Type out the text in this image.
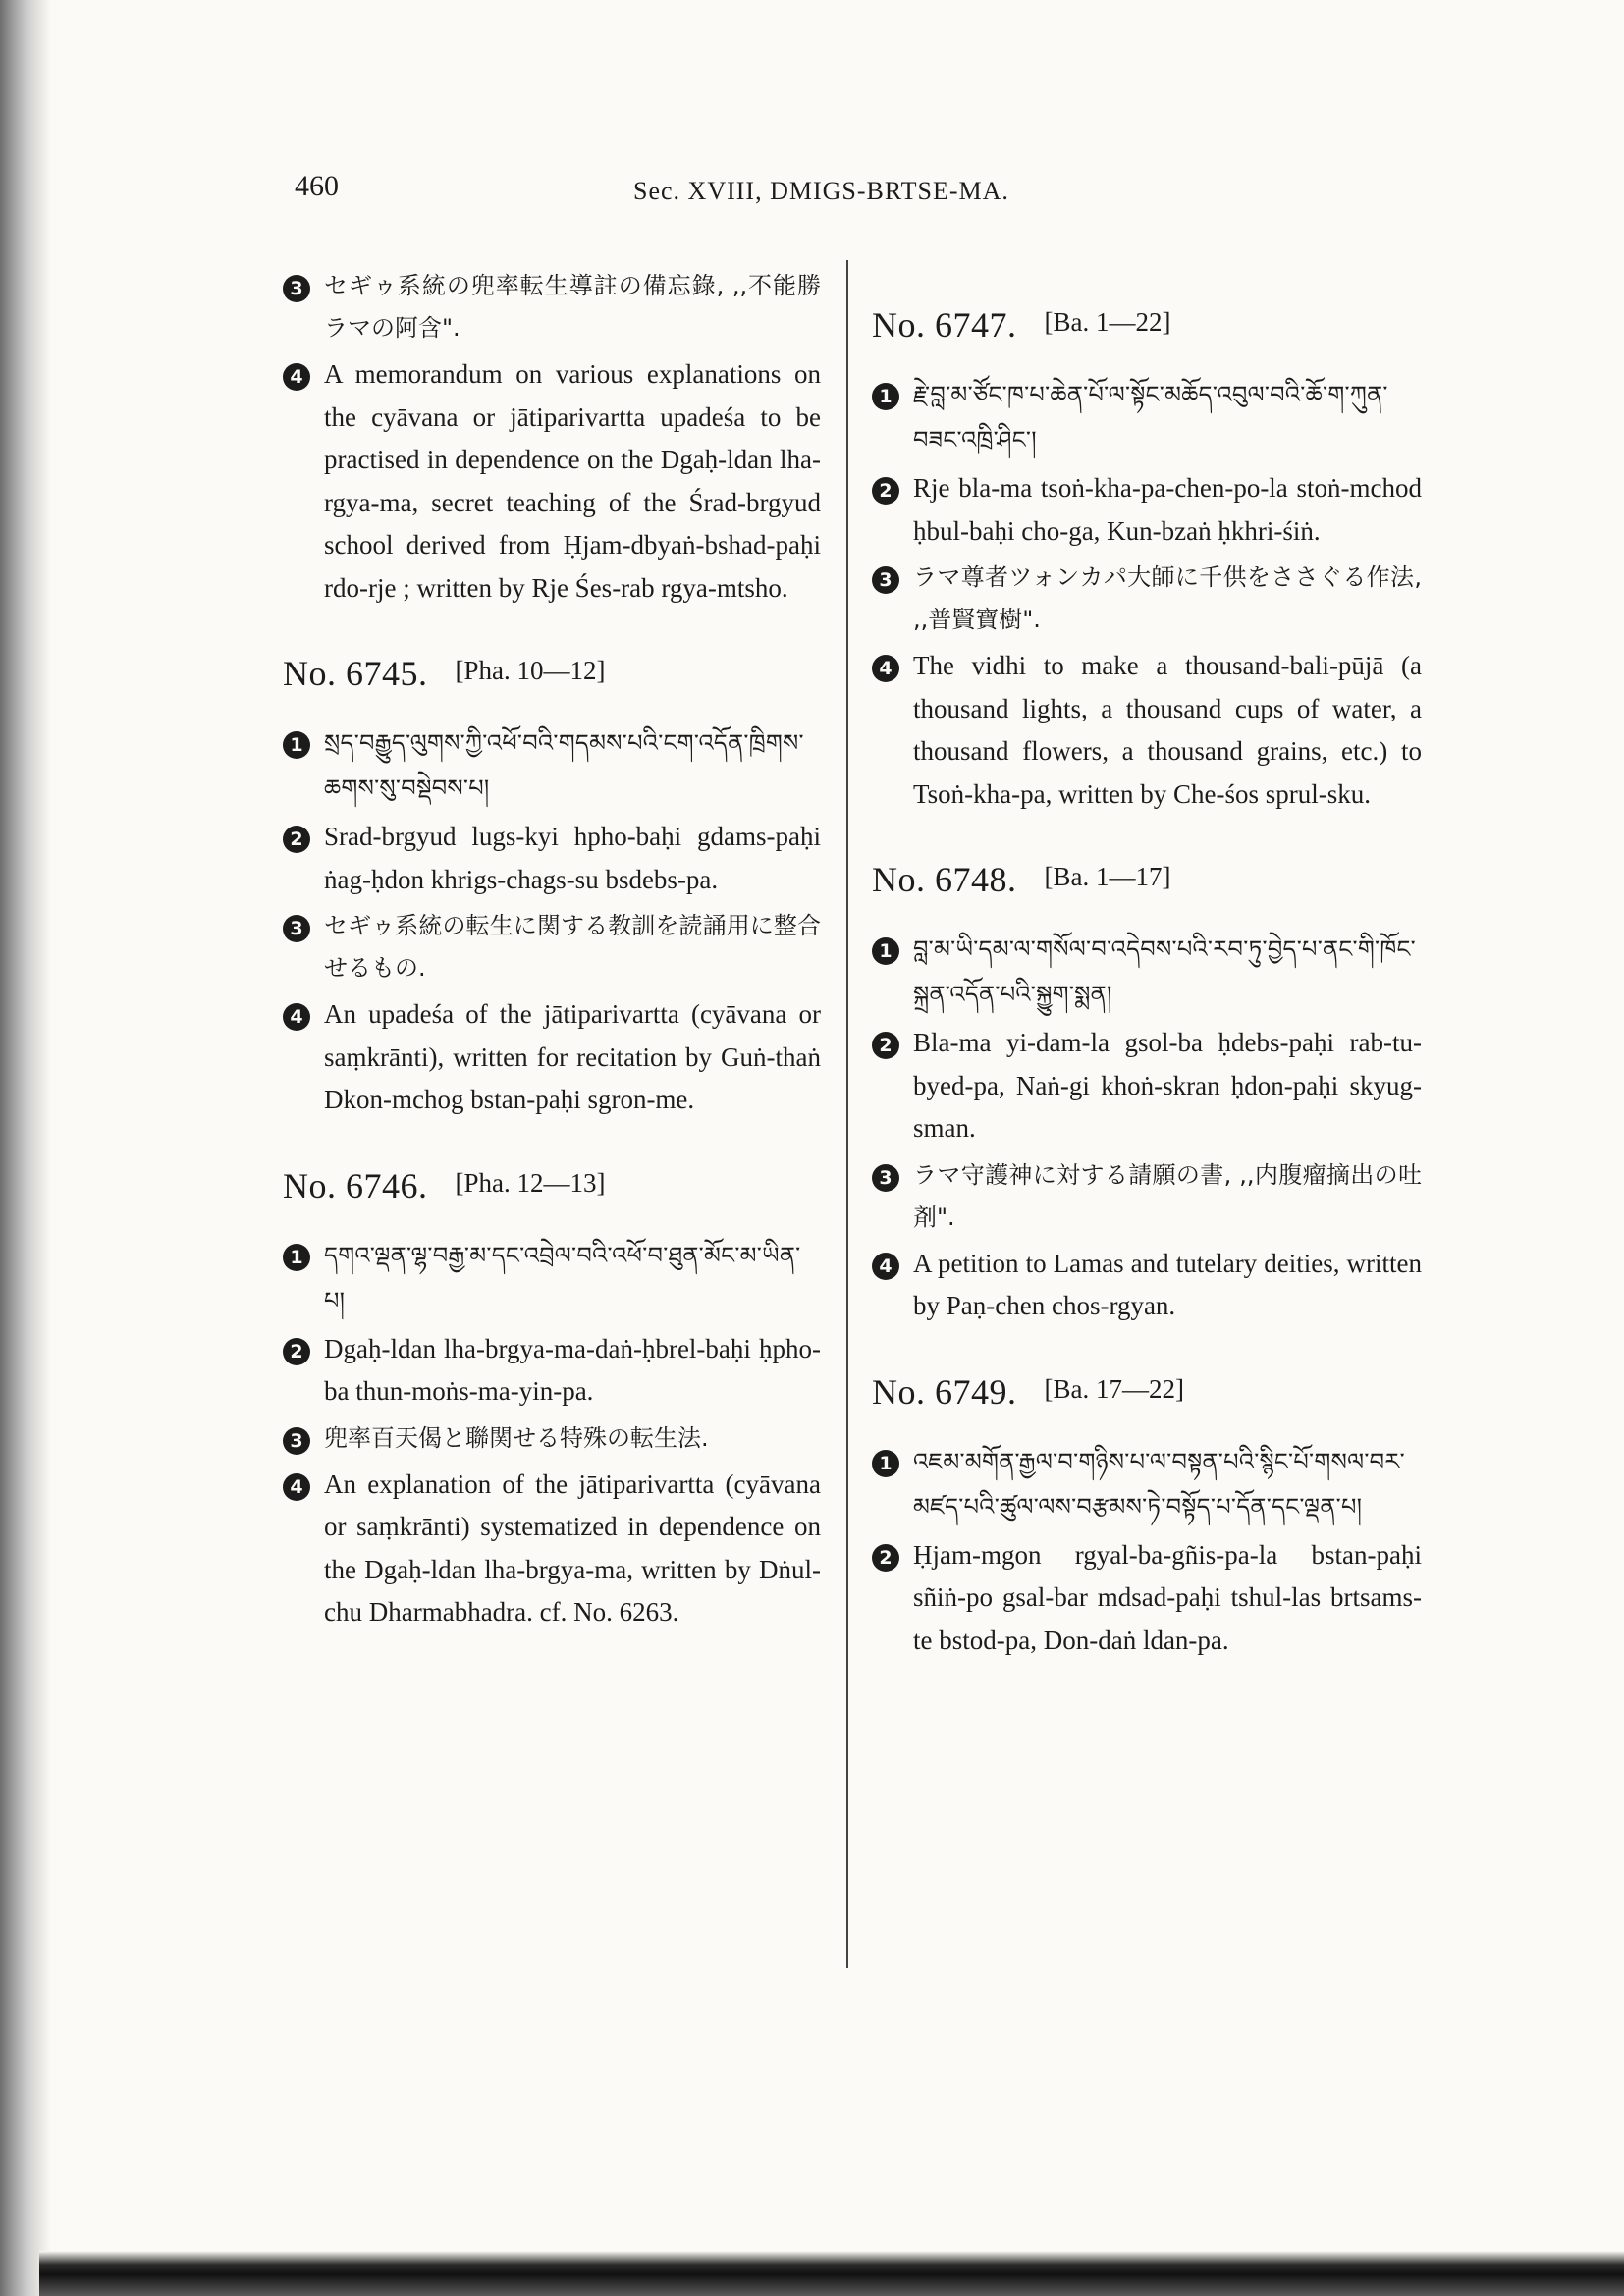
460	Sec. XVIII, DMIGS-BRTSE-MA.
3 セギゥ系統の兜率転生導註の備忘錄, ,,不能勝ラマの阿含".
4 A memorandum on various explanations on the cyāvana or jātiparivartta upadeśa to be practised in dependence on the Dgaḥ-ldan lha-rgya-ma, secret teaching of the Śrad-brgyud school derived from Ḥjam-dbyaṅ-bshad-paḥi rdo-rje ; written by Rje Śes-rab rgya-mtsho.
No. 6745. [Pha. 10—12]
1 སྲད་བརྒྱུད་ལུགས་ཀྱི་འཕོ་བའི་གདམས་པའི་ངག་འདོན་ཁྲིགས་ཆགས་སུ་བསྡེབས་པ།
2 Srad-brgyud lugs-kyi hpho-baḥi gdams-paḥi ṅag-ḥdon khrigs-chags-su bsdebs-pa.
3 セギゥ系統の転生に関する教訓を読誦用に整合せるもの.
4 An upadeśa of the jātiparivartta (cyāvana or saṃkrānti), written for recitation by Guṅ-thaṅ Dkon-mchog bstan-paḥi sgron-me.
No. 6746. [Pha. 12—13]
1 དགའ་ལྡན་ལྷ་བརྒྱ་མ་དང་འབྲེལ་བའི་འཕོ་བ་ཐུན་མོང་མ་ཡིན་པ།
2 Dgaḥ-ldan lha-brgya-ma-daṅ-ḥbrel-baḥi ḥpho-ba thun-moṅs-ma-yin-pa.
3 兜率百天偈と聯関せる特殊の転生法.
4 An explanation of the jātiparivartta (cyāvana or saṃkrānti) systematized in dependence on the Dgaḥ-ldan lha-brgya-ma, written by Dṅul-chu Dharmabhadra. cf. No. 6263.
No. 6747. [Ba. 1—22]
1 རྗེ་བླ་མ་ཙོང་ཁ་པ་ཆེན་པོ་ལ་སྟོང་མཆོད་འབུལ་བའི་ཆོ་ག་ཀུན་བཟང་འཁྲི་ཤིང་།
2 Rje bla-ma tsoṅ-kha-pa-chen-po-la stoṅ-mchod ḥbul-baḥi cho-ga, Kun-bzaṅ ḥkhri-śiṅ.
3 ラマ尊者ツォンカパ大師に千供をささぐる作法, ,,普賢寶樹".
4 The vidhi to make a thousand-bali-pūjā (a thousand lights, a thousand cups of water, a thousand flowers, a thousand grains, etc.) to Tsoṅ-kha-pa, written by Che-śos sprul-sku.
No. 6748. [Ba. 1—17]
1 བླ་མ་ཡི་དམ་ལ་གསོལ་བ་འདེབས་པའི་རབ་ཏུ་བྱེད་པ་ནང་གི་ཁོང་སྐྲན་འདོན་པའི་སྐྱུག་སྨན།
2 Bla-ma yi-dam-la gsol-ba ḥdebs-paḥi rab-tu-byed-pa, Naṅ-gi khoṅ-skran ḥdon-paḥi skyug-sman.
3 ラマ守護神に対する請願の書, ,,内腹瘤摘出の吐剤".
4 A petition to Lamas and tutelary deities, written by Paṇ-chen chos-rgyan.
No. 6749. [Ba. 17—22]
1 འཇམ་མགོན་རྒྱལ་བ་གཉིས་པ་ལ་བསྟན་པའི་སྙིང་པོ་གསལ་བར་མཛད་པའི་ཚུལ་ལས་བརྩམས་ཏེ་བསྟོད་པ་དོན་དང་ལྡན་པ།
2 Ḥjam-mgon rgyal-ba-gñis-pa-la bstan-paḥi sñiṅ-po gsal-bar mdsad-paḥi tshul-las brtsams-te bstod-pa, Don-daṅ ldan-pa.
